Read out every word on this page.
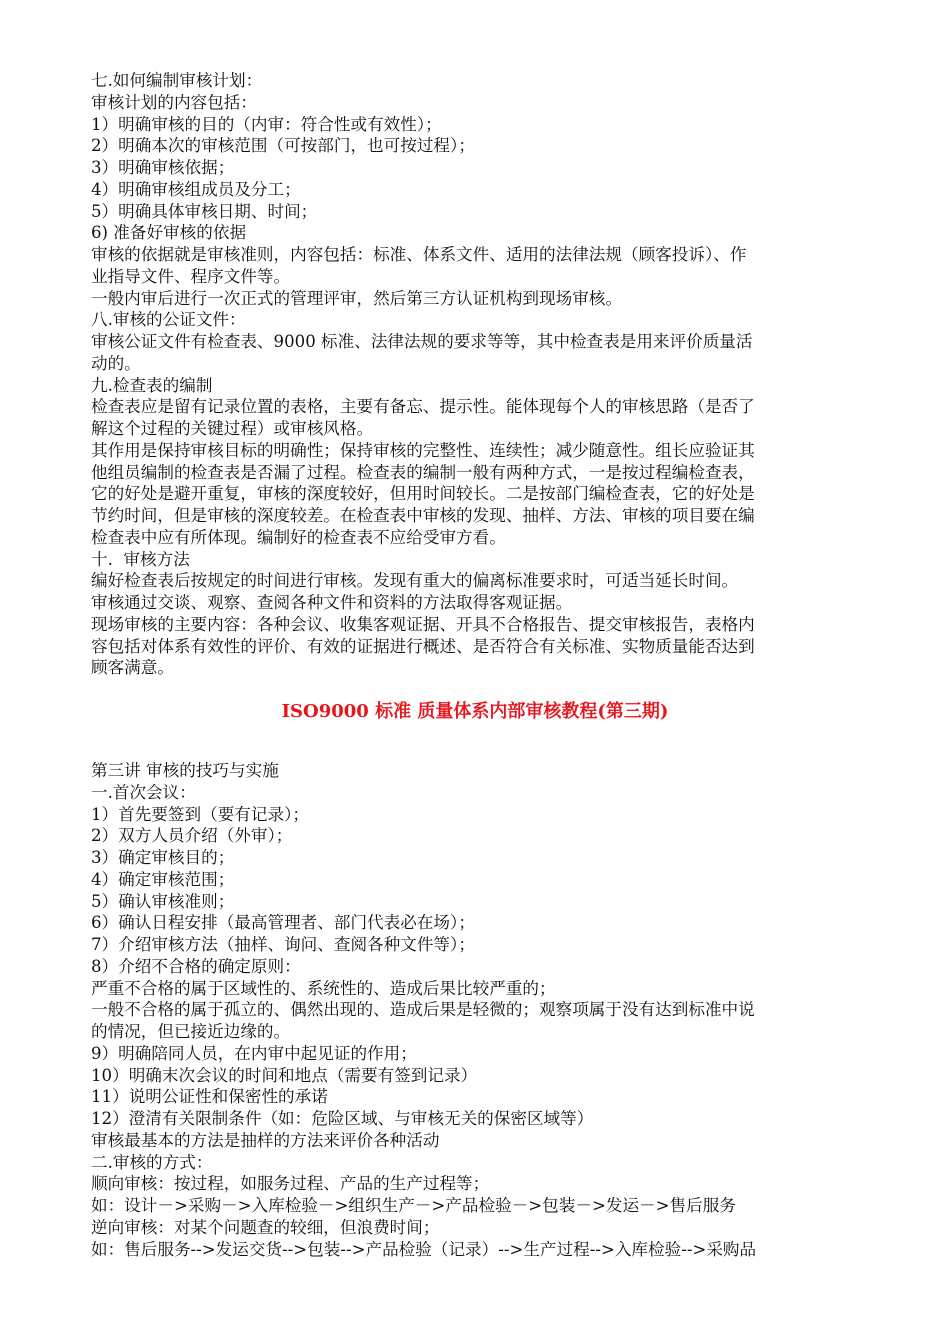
七.如何编制审核计划：
审核计划的内容包括：
1）明确审核的目的（内审：符合性或有效性）；
2）明确本次的审核范围（可按部门，也可按过程）；
3）明确审核依据；
4）明确审核组成员及分工；
5）明确具体审核日期、时间；
6) 准备好审核的依据
审核的依据就是审核准则，内容包括：标准、体系文件、适用的法律法规（顾客投诉）、作
业指导文件、程序文件等。
一般内审后进行一次正式的管理评审，然后第三方认证机构到现场审核。
八.审核的公证文件：
审核公证文件有检查表、9000 标准、法律法规的要求等等，其中检查表是用来评价质量活
动的。
九.检查表的编制
检查表应是留有记录位置的表格，主要有备忘、提示性。能体现每个人的审核思路（是否了
解这个过程的关键过程）或审核风格。
其作用是保持审核目标的明确性；保持审核的完整性、连续性；减少随意性。组长应验证其
他组员编制的检查表是否漏了过程。检查表的编制一般有两种方式，一是按过程编检查表，
它的好处是避开重复，审核的深度较好，但用时间较长。二是按部门编检查表，它的好处是
节约时间，但是审核的深度较差。在检查表中审核的发现、抽样、方法、审核的项目要在编
检查表中应有所体现。编制好的检查表不应给受审方看。
十.  审核方法
编好检查表后按规定的时间进行审核。发现有重大的偏离标准要求时，可适当延长时间。
审核通过交谈、观察、查阅各种文件和资料的方法取得客观证据。
现场审核的主要内容：各种会议、收集客观证据、开具不合格报告、提交审核报告，表格内
容包括对体系有效性的评价、有效的证据进行概述、是否符合有关标准、实物质量能否达到
顾客满意。
ISO9000 标准 质量体系内部审核教程(第三期)
第三讲 审核的技巧与实施
一.首次会议：
1）首先要签到（要有记录）；
2）双方人员介绍（外审）；
3）确定审核目的；
4）确定审核范围；
5）确认审核准则；
6）确认日程安排（最高管理者、部门代表必在场）；
7）介绍审核方法（抽样、询问、查阅各种文件等）；
8）介绍不合格的确定原则：
严重不合格的属于区域性的、系统性的、造成后果比较严重的；
一般不合格的属于孤立的、偶然出现的、造成后果是轻微的；观察项属于没有达到标准中说
的情况，但已接近边缘的。
9）明确陪同人员，在内审中起见证的作用；
10）明确末次会议的时间和地点（需要有签到记录）
11）说明公证性和保密性的承诺
12）澄清有关限制条件（如：危险区域、与审核无关的保密区域等）
审核最基本的方法是抽样的方法来评价各种活动
二.审核的方式：
顺向审核：按过程，如服务过程、产品的生产过程等；
如：设计－>采购－>入库检验－>组织生产－>产品检验－>包装－>发运－>售后服务
逆向审核：对某个问题查的较细，但浪费时间；
如：售后服务-->发运交货-->包装-->产品检验（记录）-->生产过程-->入库检验-->采购品
